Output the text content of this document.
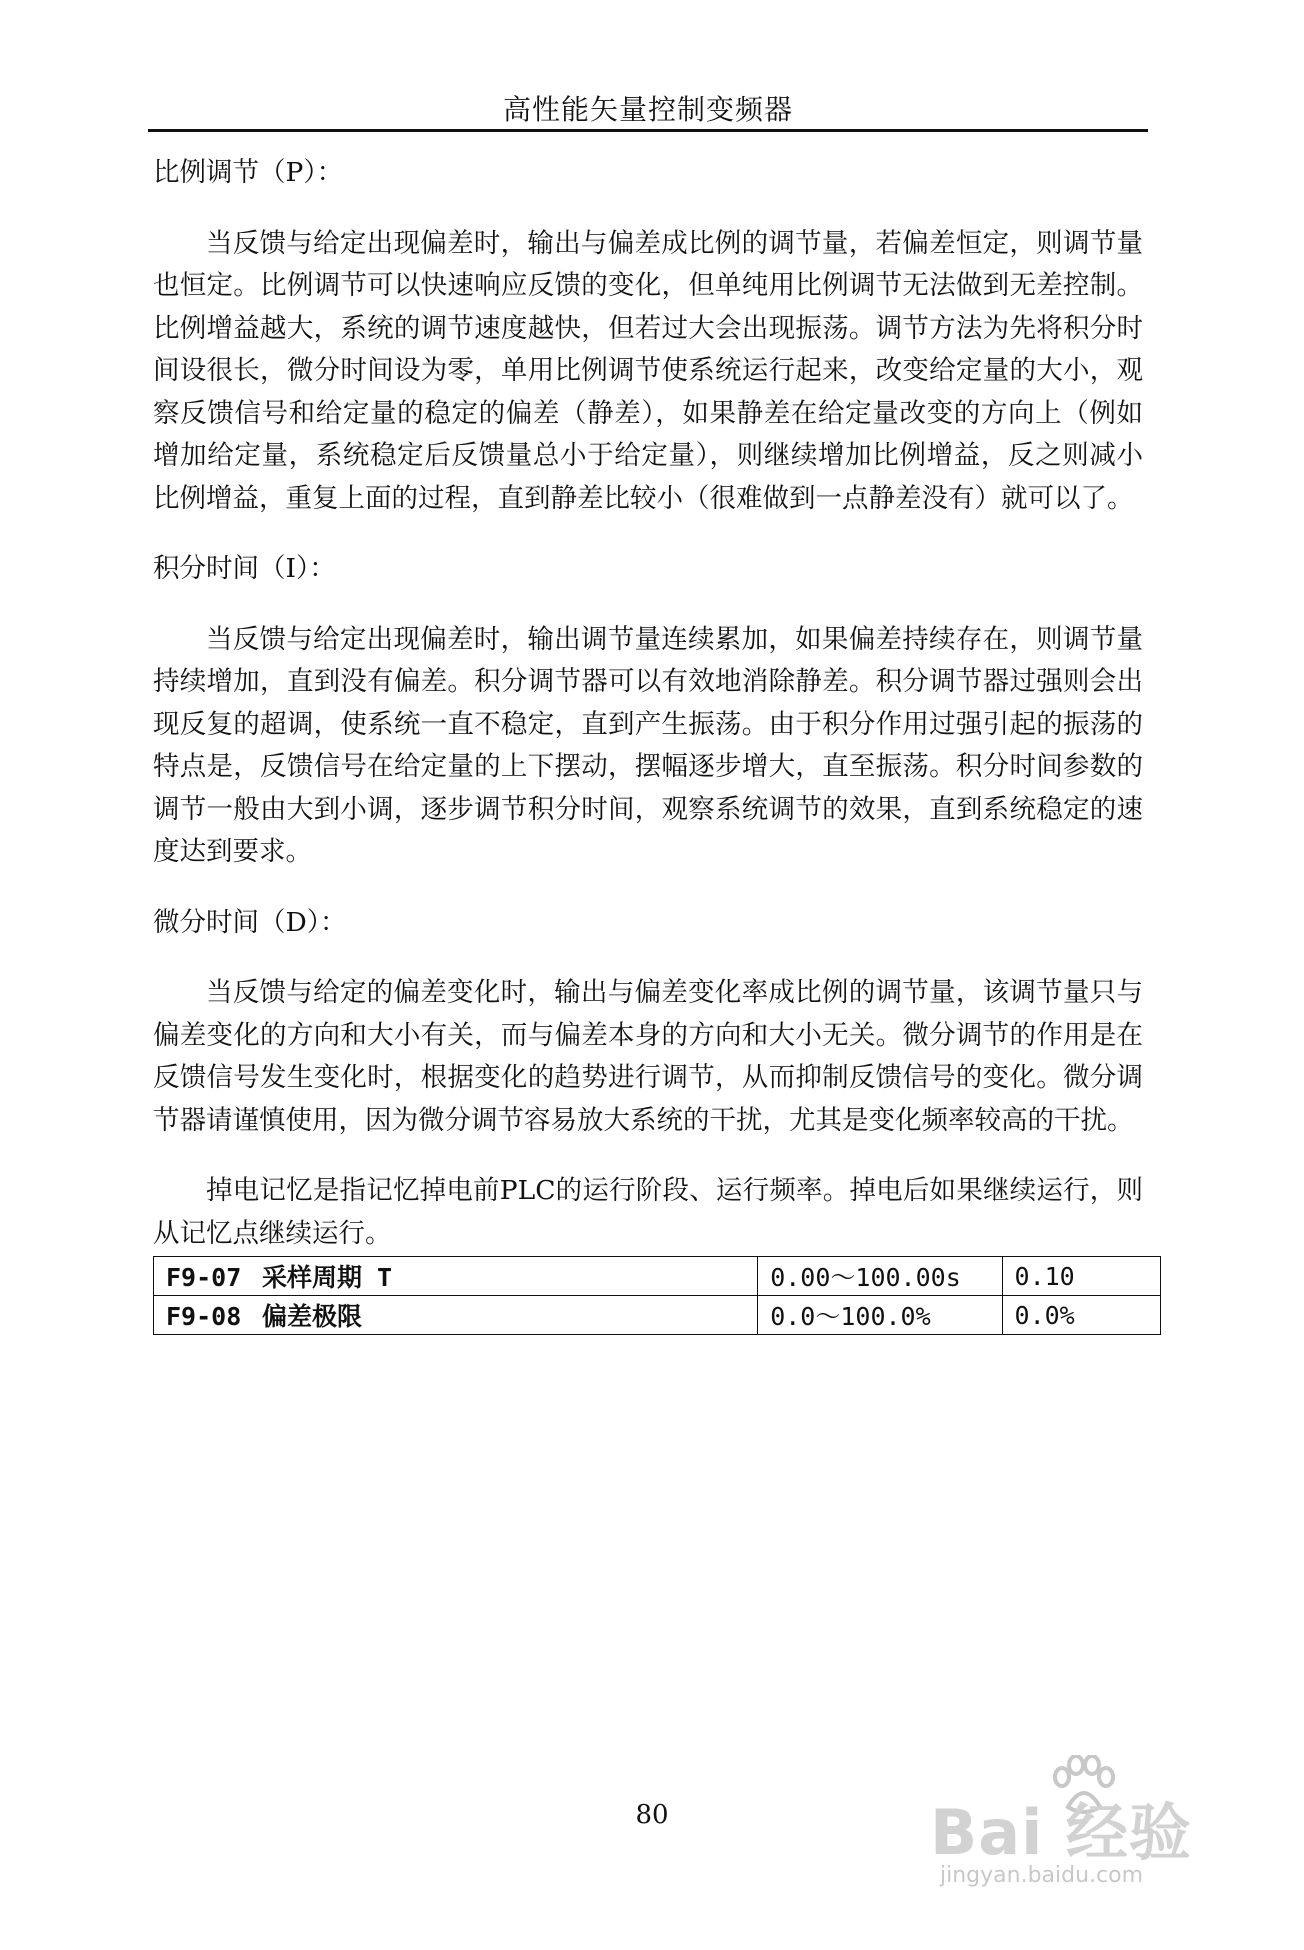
高性能矢量控制变频器

比例调节（P）：

当反馈与给定出现偏差时，输出与偏差成比例的调节量，若偏差恒定，则调节量也恒定。比例调节可以快速响应反馈的变化，但单纯用比例调节无法做到无差控制。比例增益越大，系统的调节速度越快，但若过大会出现振荡。调节方法为先将积分时间设很长，微分时间设为零，单用比例调节使系统运行起来，改变给定量的大小，观察反馈信号和给定量的稳定的偏差（静差），如果静差在给定量改变的方向上（例如增加给定量，系统稳定后反馈量总小于给定量），则继续增加比例增益，反之则减小比例增益，重复上面的过程，直到静差比较小（很难做到一点静差没有）就可以了。

积分时间（I）：

当反馈与给定出现偏差时，输出调节量连续累加，如果偏差持续存在，则调节量持续增加，直到没有偏差。积分调节器可以有效地消除静差。积分调节器过强则会出现反复的超调，使系统一直不稳定，直到产生振荡。由于积分作用过强引起的振荡的特点是，反馈信号在给定量的上下摆动，摆幅逐步增大，直至振荡。积分时间参数的调节一般由大到小调，逐步调节积分时间，观察系统调节的效果，直到系统稳定的速度达到要求。

微分时间（D）：

当反馈与给定的偏差变化时，输出与偏差变化率成比例的调节量，该调节量只与偏差变化的方向和大小有关，而与偏差本身的方向和大小无关。微分调节的作用是在反馈信号发生变化时，根据变化的趋势进行调节，从而抑制反馈信号的变化。微分调节器请谨慎使用，因为微分调节容易放大系统的干扰，尤其是变化频率较高的干扰。

掉电记忆是指记忆掉电前PLC的运行阶段、运行频率。掉电后如果继续运行，则从记忆点继续运行。

F9-07 采样周期 T	0.00～100.00s	0.10
F9-08 偏差极限	0.0～100.0%	0.0%
80	Bai 经验
jingyan.baidu.com
